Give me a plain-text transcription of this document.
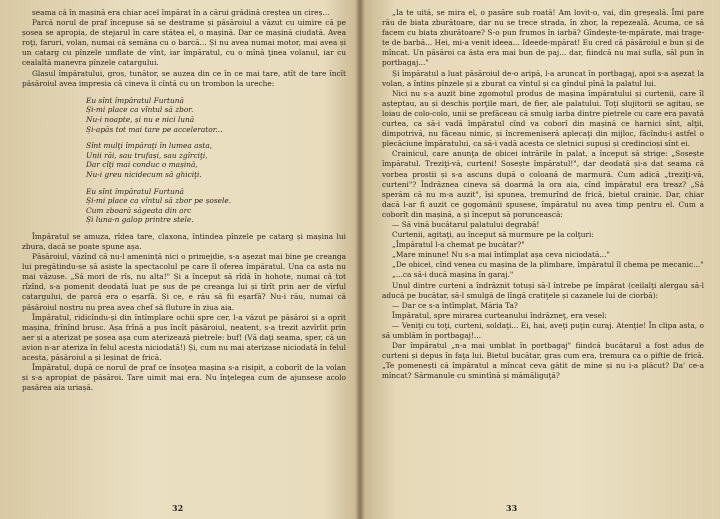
seama că în mașină era chiar acel împărat în a cărui grădină creștea un cireș...

Parcă norul de praf începuse să se destrame și păsăroiul a văzut cu uimire că pe șosea se apropia, de stejarul în care stătea el, o mașină. Dar ce mașină ciudată. Avea roţi, faruri, volan, numai că semăna cu o barcă... Și nu avea numai motor, mai avea și un catarg cu pînzele umflate de vînt, iar împăratul, cu o mînă ţinea volanul, iar cu cealaltă manevra pînzele catargului.

Glasul împăratului, gros, tunător, se auzea din ce în ce mai tare, atît de tare încît păsăroiul avea impresia că cineva îi cîntă cu un trombon la ureche:

Eu sînt împăratul Furtună
Și-mi place ca vîntul să zbor.
Nu-i noapte, și nu e nici lună
Și-apăs tot mai tare pe accelerator...
Sînt mulţi împăraţi în lumea asta,
Unii răi, sau trufași, sau zgîrciţi,
Dar cîţi mai conduc o mașină,
Nu-i greu nicidecum să ghiciţi.
Eu sînt împăratul Furtună
Și-mi place ca vîntul să zbor pe șosele.
Cum zboară săgeata din arc
Și luna-n galop printre stele.

Împăratul se amuza, rîdea tare, claxona, întindea pînzele pe catarg și mașina lui zbura, dacă se poate spune așa.

Păsăroiul, văzînd că nu-l amenință nici o primejdie, s-a așezat mai bine pe creanga lui pregătindu-se să asiste la spectacolul pe care îl oferea împăratul. Una ca asta nu mai văzuse. „Să mori de rîs, nu alta!" Și a început să rîdă în hohote, numai că tot rîzînd, s-a pomenit deodată luat pe sus de pe creanga lui și tîrît prin aer de vîrful catargului, de parcă era o eșarfă. Și ce, e rău să fii eșarfă? Nu-i rău, numai că păsăroiul nostru nu prea avea chef să fluture în ziua aia.

Împăratul, ridicîndu-și din întîmplare ochii spre cer, l-a văzut pe păsăroi și a oprit mașina, frînînd brusc. Așa frînă a pus încît păsăroiul, neatent, s-a trezit azvîrlit prin aer și a aterizat pe șosea așa cum aterizează pietrele: buf! (Vă daţi seama, sper, că un avion n-ar ateriza în felul acesta niciodată!) Și, cum nu mai aterizase niciodată în felul acesta, păsăroiul a și leșinat de frică.

Împăratul, după ce norul de praf ce însoţea mașina s-a risipit, a coborît de la volan și s-a apropiat de păsăroi. Tare uimit mai era. Nu înţelegea cum de ajunsese acolo pasărea aia uriașă.

32

„Ia te uită, se mira el, o pasăre sub roată! Am lovit-o, vai, din greșeală. Îmi pare rău de biata zburătoare, dar nu se trece strada, în zbor, la repezeală. Acuma, ce să facem cu biata zburătoare? S-o pun frumos în iarbă? Gîndește-te-mpărate, mai trage-te de barbă... Hei, mi-a venit ideea... Ideede-mpărat! Eu cred că păsăroiul e bun și de mîncat. Un păsăroi ca ăsta era mai bun de paj... dar, fiindcă nu mai sufla, săl pun în portbagaj..."

Și împăratul a luat păsăroiul de-o aripă, l-a aruncat în portbagaj, apoi s-a așezat la volan, a întins pînzele și a zburat ca vîntul și ca gîndul pînă la palatul lui.

Nici nu s-a auzit bine zgomotul produs de mașina împăratului și curtenii, care îl așteptau, au și deschis porţile mari, de fier, ale palatului. Toţi slujitorii se agitau, se loiau de colo-colo, unii se prefăceau că smulg iarba dintre pietrele cu care era pavată curtea, ca să-i vadă împăratul cînd va coborî din mașină ce harnici sînt, alţii, dimpotrivă, nu făceau nimic, și încremeniseră aplecaţi din mijloc, făcîndu-i astfel o plecăciune împăratului, ca să-i vadă acesta ce sletnici supuși și credincioși sînt ei.

Crainicul, care anunţa de obicei intrările în palat, a început să strige: „Sosește împăratul. Treziţi-vă, curteni! Sosește împăratul!", dar deodată și-a dat seama că vorbea prostii și s-a ascuns după o coloană de marmură. Cum adică „treziţi-vă, curteni"? Îndrăznea cineva să doarmă la ora aia, cînd împăratul era treaz? „Să sperăm că nu m-a auzit", își spunea, tremurînd de frică, bietul crainic. Dar, chiar dacă l-ar fi auzit ce gogomănii spusese, împăratul nu avea timp pentru el. Cum a coborît din mașină, a și început să poruncească:

— Să vină bucătarul palatului degrabă!

Curtenii, agitaţi, au început să murmure pe la colţuri:

„Împăratul l-a chemat pe bucătar?"

„Mare minune! Nu s-a mai întîmplat așa ceva niciodată..."

„De obicei, cînd venea cu mașina de la plimbare, împăratul îl chema pe mecanic..."

„...ca să-i ducă mașina în garaj."

Unul dintre curteni a îndrăznit totuși să-l întrebe pe împărat (ceilalţi alergau să-l aducă pe bucătar, să-l smulgă de lîngă cratiţele și cazanele lui de ciorbă):

— Dar ce s-a întîmplat, Măria Ta?

Împăratul, spre mirarea curteanului îndrăzneţ, era vesel:

— Veniţi cu toţi, curteni, soldaţi... Ei, hai, aveţi puţin curaj. Atenţie! În clipa asta, o să umblăm în portbagaj!...

Dar împăratul „n-a mai umblat în portbagaj" fiindcă bucătarul a fost adus de curteni și depus în faţa lui. Bietul bucătar, gras cum era, tremura ca o piftie de frică. „Te pomenești că împăratul a mîncat ceva gătit de mine și nu i-a plăcut? Da' ce-a mîncat? Sărmanule cu smintînă și mămăliguţă?

33
